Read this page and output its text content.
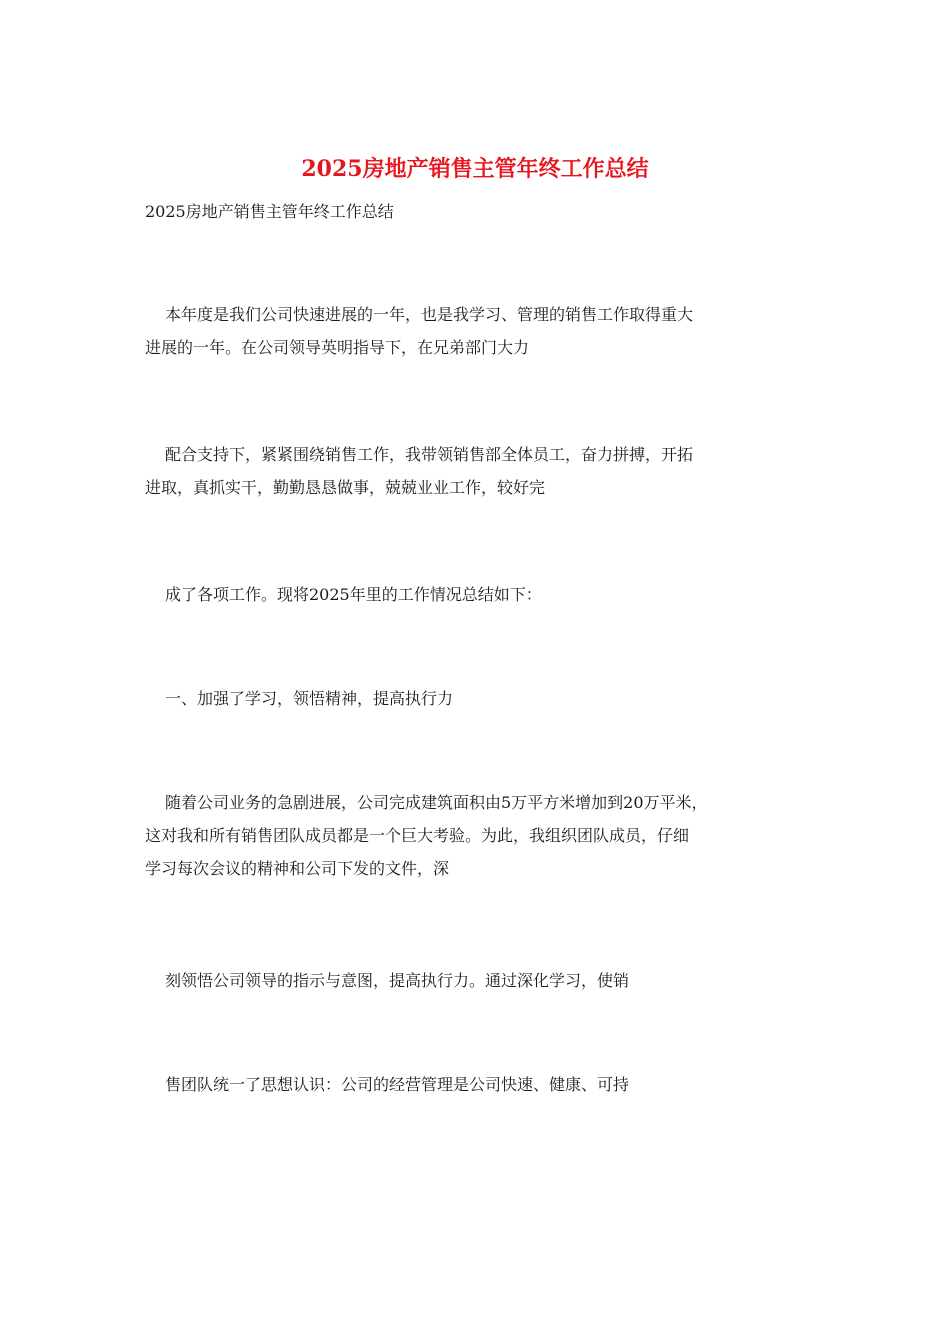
2025房地产销售主管年终工作总结

2025房地产销售主管年终工作总结

本年度是我们公司快速进展的一年，也是我学习、管理的销售工作取得重大
进展的一年。在公司领导英明指导下，在兄弟部门大力

配合支持下，紧紧围绕销售工作，我带领销售部全体员工，奋力拼搏，开拓
进取，真抓实干，勤勤恳恳做事，兢兢业业工作，较好完

成了各项工作。现将2025年里的工作情况总结如下：

一、加强了学习，领悟精神，提高执行力

随着公司业务的急剧进展，公司完成建筑面积由5万平方米增加到20万平米，
这对我和所有销售团队成员都是一个巨大考验。为此，我组织团队成员，仔细
学习每次会议的精神和公司下发的文件，深

刻领悟公司领导的指示与意图，提高执行力。通过深化学习，使销

售团队统一了思想认识：公司的经营管理是公司快速、健康、可持
